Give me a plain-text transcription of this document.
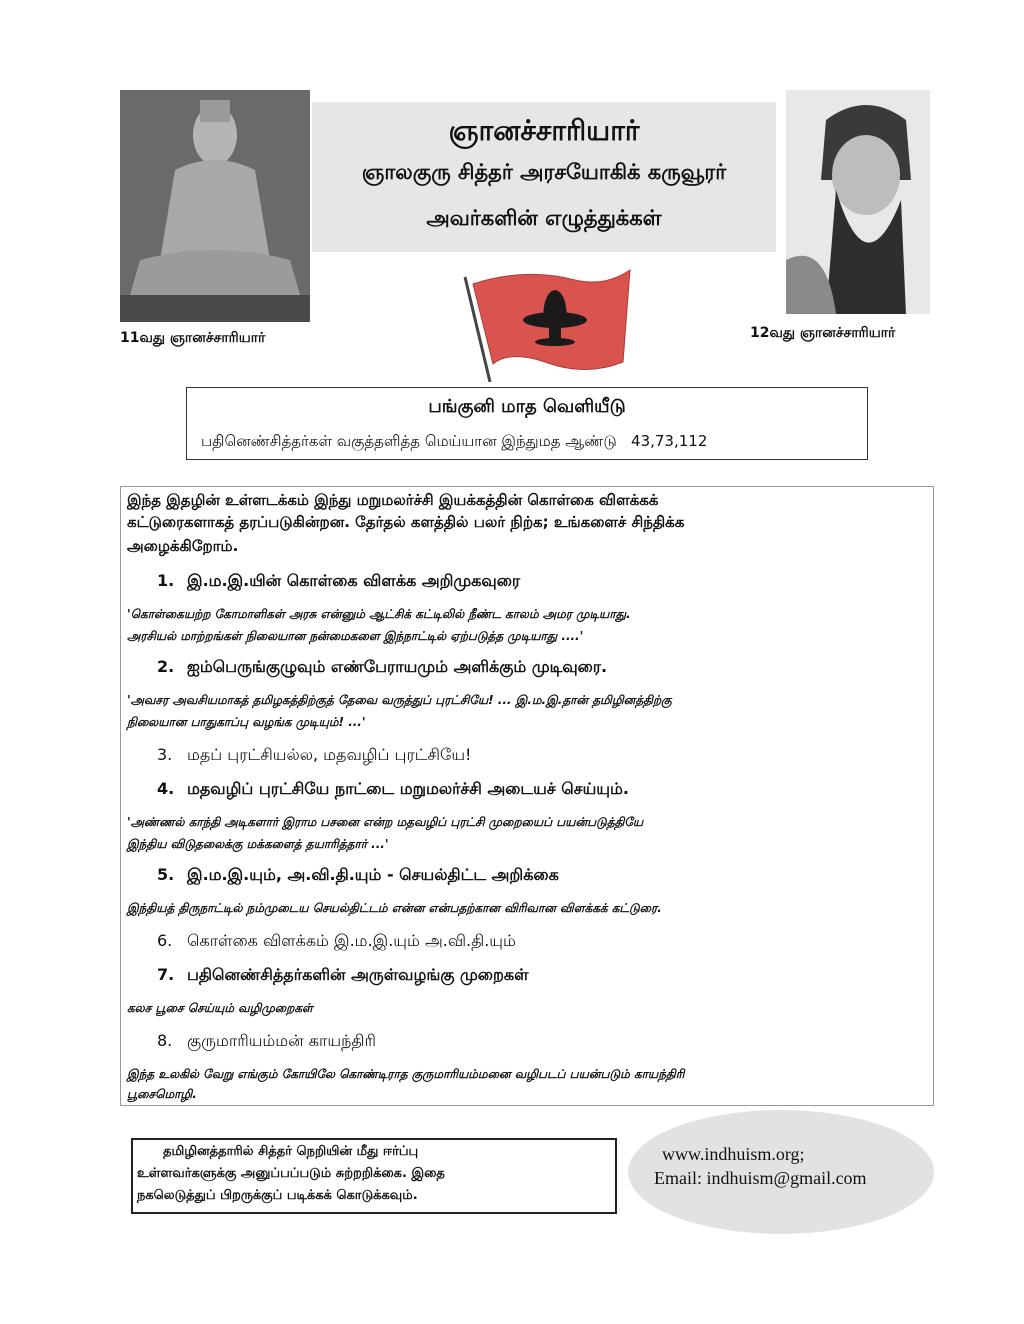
11வது ஞானச்சாரியார்	12வது ஞானச்சாரியார்
ஞானச்சாரியார்
ஞாலகுரு சித்தர் அரசயோகிக் கருவூரர்
அவர்களின் எழுத்துக்கள்
பங்குனி மாத வெளியீடு
பதினெண்சித்தர்கள் வகுத்தளித்த மெய்யான இந்துமத ஆண்டு 43,73,112
இந்த இதழின் உள்ளடக்கம் இந்து மறுமலர்ச்சி இயக்கத்தின் கொள்கை விளக்கக்
கட்டுரைகளாகத் தரப்படுகின்றன. தேர்தல் களத்தில் பலர் நிற்க; உங்களைச் சிந்திக்க
அழைக்கிறோம்.
1. இ.ம.இ.யின் கொள்கை விளக்க அறிமுகவுரை
'கொள்கையற்ற கோமாளிகள் அரசு என்னும் ஆட்சிக் கட்டிலில் நீண்ட காலம் அமர முடியாது.
அரசியல் மாற்றங்கள் நிலையான நன்மைகளை இந்நாட்டில் ஏற்படுத்த முடியாது ....'
2. ஐம்பெருங்குழுவும் எண்பேராயமும் அளிக்கும் முடிவுரை.
'அவசர அவசியமாகத் தமிழகத்திற்குத் தேவை வருத்துப் புரட்சியே! ... இ.ம.இ.தான் தமிழினத்திற்கு
நிலையான பாதுகாப்பு வழங்க முடியும்! ...'
3. மதப் புரட்சியல்ல, மதவழிப் புரட்சியே!
4. மதவழிப் புரட்சியே நாட்டை மறுமலர்ச்சி அடையச் செய்யும்.
'அண்ணல் காந்தி அடிகளார் இராம பசனை என்ற மதவழிப் புரட்சி முறையைப் பயன்படுத்தியே
இந்திய விடுதலைக்கு மக்களைத் தயாரித்தார் ...'
5. இ.ம.இ.யும், அ.வி.தி.யும் - செயல்திட்ட அறிக்கை
இந்தியத் திருநாட்டில் நம்முடைய செயல்திட்டம் என்ன என்பதற்கான விரிவான விளக்கக் கட்டுரை.
6. கொள்கை விளக்கம் இ.ம.இ.யும் அ.வி.தி.யும்
7. பதினெண்சித்தர்களின் அருள்வழங்கு முறைகள்
கலச பூசை செய்யும் வழிமுறைகள்
8. குருமாரியம்மன் காயந்திரி
இந்த உலகில் வேறு எங்கும் கோயிலே கொண்டிராத குருமாரியம்மனை வழிபடப் பயன்படும் காயந்திரி
பூசைமொழி.
தமிழினத்தாரில் சித்தர் நெறியின் மீது ஈர்ப்பு
உள்ளவர்களுக்கு அனுப்பப்படும் சுற்றறிக்கை. இதை
நகலெடுத்துப் பிறருக்குப் படிக்கக் கொடுக்கவும்.
www.indhuism.org;
Email: indhuism@gmail.com
